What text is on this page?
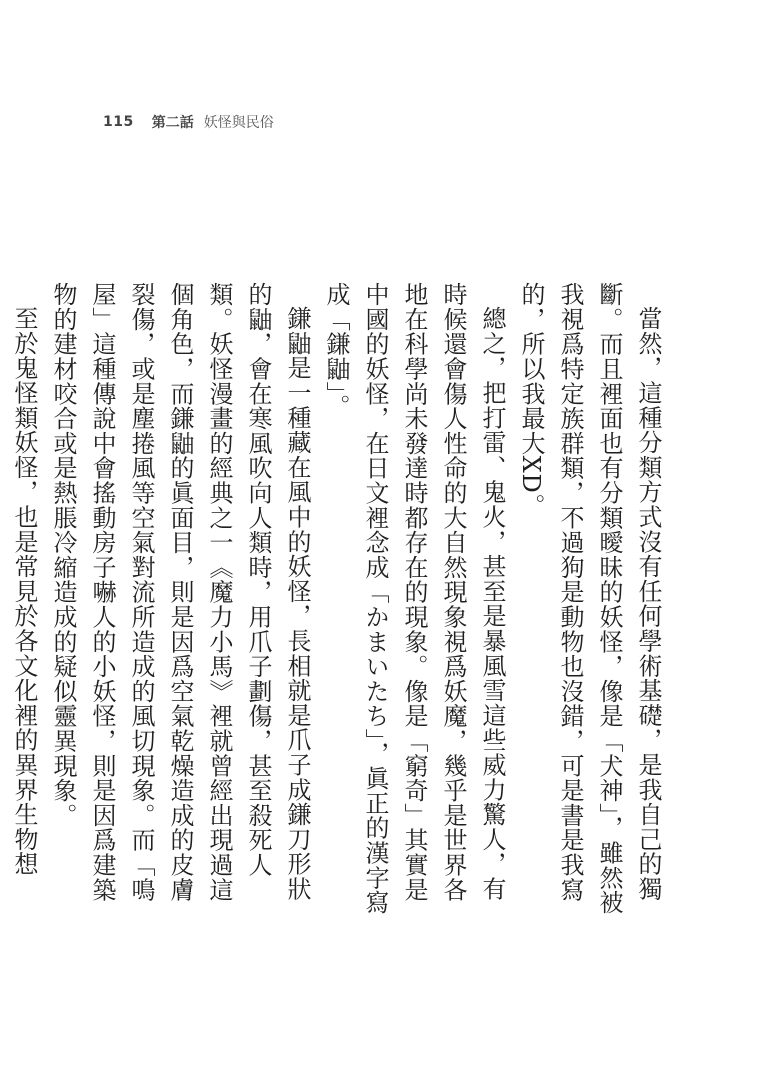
115 第二話 妖怪與民俗

當然，這種分類方式沒有任何學術基礎，是我自己的獨斷。而且裡面也有分類曖昧的妖怪，像是「犬神」，雖然被我視爲特定族群類，不過狗是動物也沒錯，可是書是我寫的，所以我最大XD。

總之，把打雷、鬼火，甚至是暴風雪這些威力驚人，有時候還會傷人性命的大自然現象視爲妖魔，幾乎是世界各地在科學尚未發達時都存在的現象。像是「窮奇」其實是中國的妖怪，在日文裡念成「かまいたち」，眞正的漢字寫成「鎌鼬」。

鎌鼬是一種藏在風中的妖怪，長相就是爪子成鎌刀形狀的鼬，會在寒風吹向人類時，用爪子劃傷，甚至殺死人類。妖怪漫畫的經典之一《魔力小馬》裡就曾經出現過這個角色，而鎌鼬的眞面目，則是因爲空氣乾燥造成的皮膚裂傷，或是塵捲風等空氣對流所造成的風切現象。而「鳴屋」這種傳說中會搖動房子嚇人的小妖怪，則是因爲建築物的建材咬合或是熱脹冷縮造成的疑似靈異現象。

至於鬼怪類妖怪，也是常見於各文化裡的異界生物想
